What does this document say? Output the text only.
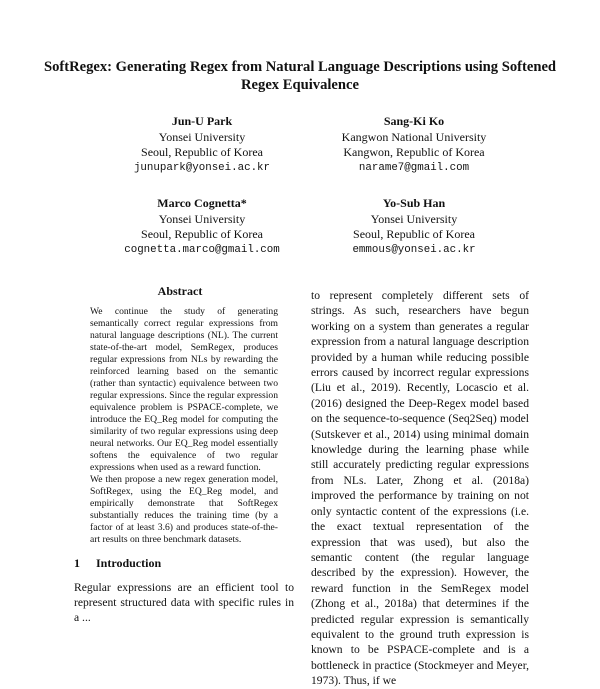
SoftRegex: Generating Regex from Natural Language Descriptions using Softened Regex Equivalence
Jun-U Park
Yonsei University
Seoul, Republic of Korea
junupark@yonsei.ac.kr
Sang-Ki Ko
Kangwon National University
Kangwon, Republic of Korea
narame7@gmail.com
Marco Cognetta*
Yonsei University
Seoul, Republic of Korea
cognetta.marco@gmail.com
Yo-Sub Han
Yonsei University
Seoul, Republic of Korea
emmous@yonsei.ac.kr
Abstract

We continue the study of generating semantically correct regular expressions from natural language descriptions (NL). The current state-of-the-art model, SemRegex, produces regular expressions from NLs by rewarding the reinforced learning based on the semantic (rather than syntactic) equivalence between two regular expressions. Since the regular expression equivalence problem is PSPACE-complete, we introduce the EQ_Reg model for computing the similarity of two regular expressions using deep neural networks. Our EQ_Reg model essentially softens the equivalence of two regular expressions when used as a reward function.

We then propose a new regex generation model, SoftRegex, using the EQ_Reg model, and empirically demonstrate that SoftRegex substantially reduces the training time (by a factor of at least 3.6) and produces state-of-the-art results on three benchmark datasets.

1 Introduction
Regular expressions are an efficient tool to represent structured data with specific rules in a ...
to represent completely different sets of strings. As such, researchers have begun working on a system than generates a regular expression from a natural language description provided by a human while reducing possible errors caused by incorrect regular expressions (Liu et al., 2019). Recently, Locascio et al. (2016) designed the Deep-Regex model based on the sequence-to-sequence (Seq2Seq) model (Sutskever et al., 2014) using minimal domain knowledge during the learning phase while still accurately predicting regular expressions from NLs. Later, Zhong et al. (2018a) improved the performance by training on not only syntactic content of the expressions (i.e. the exact textual representation of the expression that was used), but also the semantic content (the regular language described by the expression). However, the reward function in the SemRegex model (Zhong et al., 2018a) that determines if the predicted regular expression is semantically equivalent to the ground truth expression is known to be PSPACE-complete and is a bottleneck in practice (Stockmeyer and Meyer, 1973). Thus, if we
